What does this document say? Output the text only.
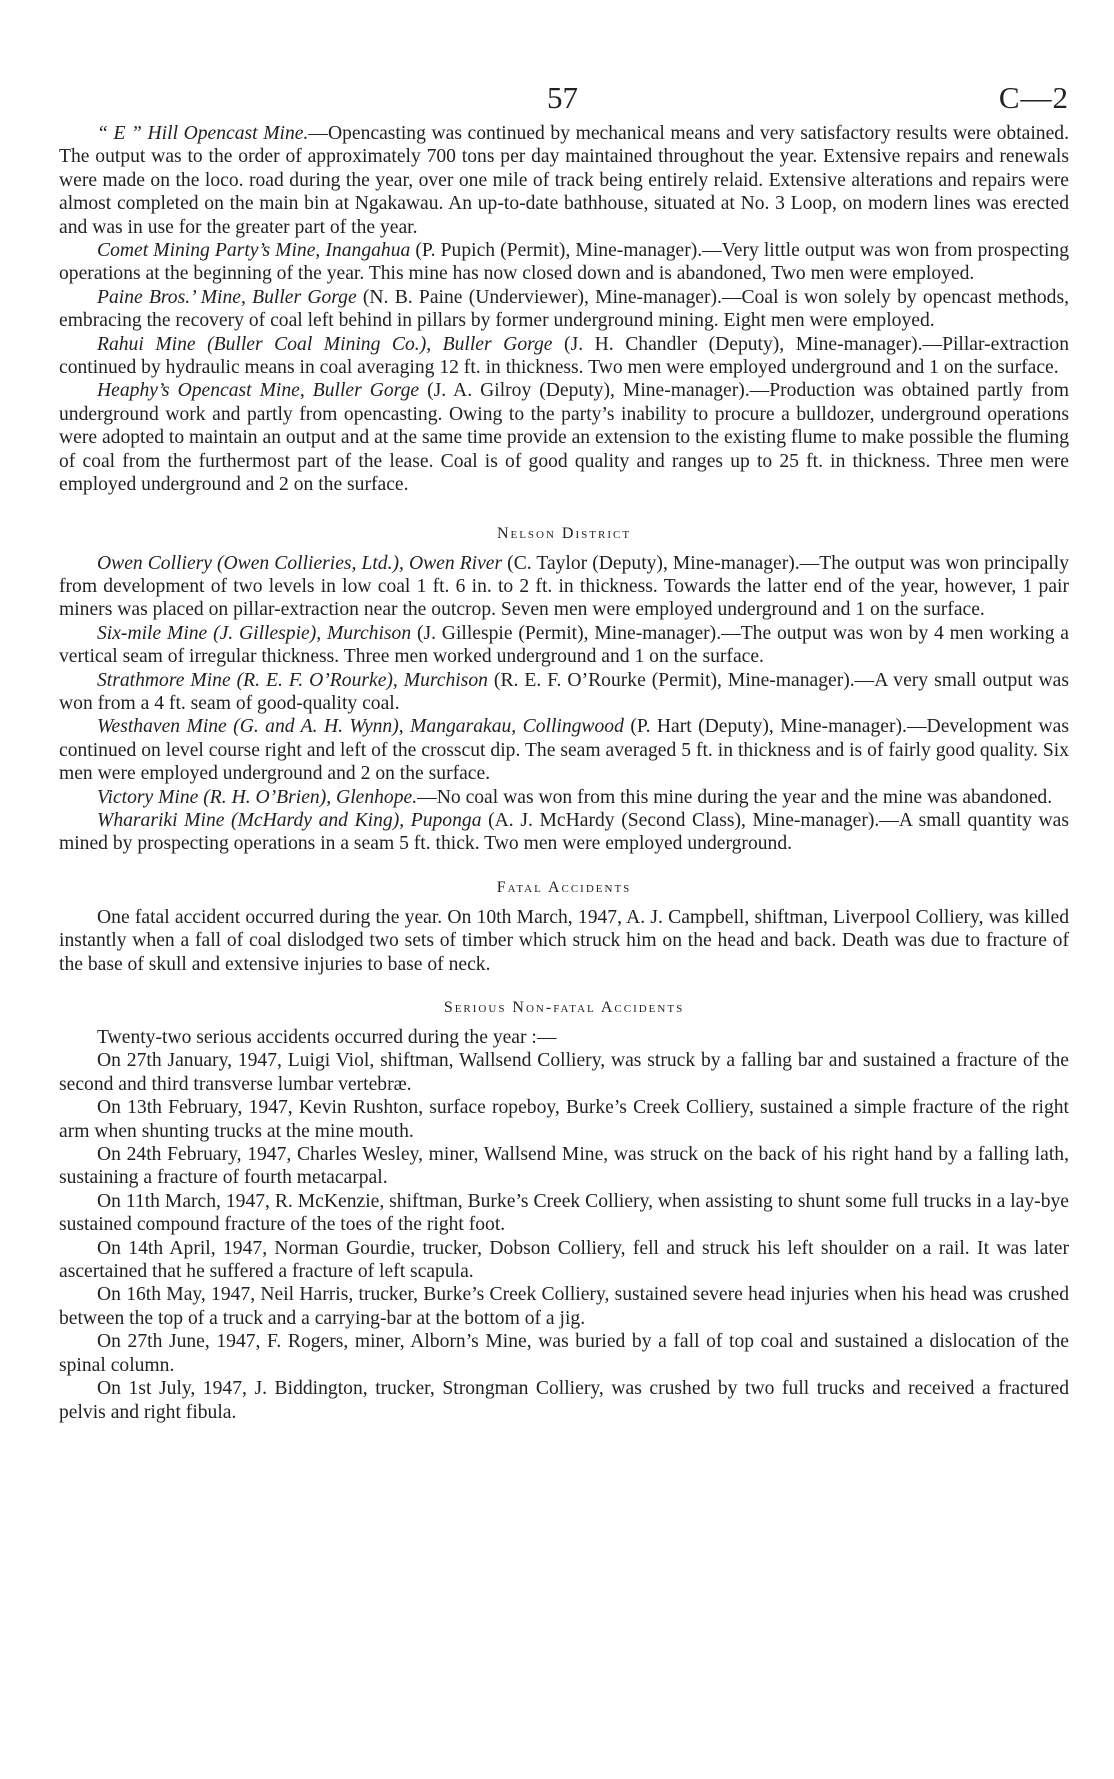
57	C—2

“ E ” Hill Opencast Mine.—Opencasting was continued by mechanical means and very satisfactory results were obtained. The output was to the order of approximately 700 tons per day maintained throughout the year. Extensive repairs and renewals were made on the loco. road during the year, over one mile of track being entirely relaid. Extensive alterations and repairs were almost completed on the main bin at Ngakawau. An up-to-date bathhouse, situated at No. 3 Loop, on modern lines was erected and was in use for the greater part of the year.

Comet Mining Party’s Mine, Inangahua (P. Pupich (Permit), Mine-manager).—Very little output was won from prospecting operations at the beginning of the year. This mine has now closed down and is abandoned, Two men were employed.

Paine Bros.’ Mine, Buller Gorge (N. B. Paine (Underviewer), Mine-manager).—Coal is won solely by opencast methods, embracing the recovery of coal left behind in pillars by former underground mining. Eight men were employed.

Rahui Mine (Buller Coal Mining Co.), Buller Gorge (J. H. Chandler (Deputy), Mine-manager).—Pillar-extraction continued by hydraulic means in coal averaging 12 ft. in thickness. Two men were employed underground and 1 on the surface.

Heaphy’s Opencast Mine, Buller Gorge (J. A. Gilroy (Deputy), Mine-manager).—Production was obtained partly from underground work and partly from opencasting. Owing to the party’s inability to procure a bulldozer, underground operations were adopted to maintain an output and at the same time provide an extension to the existing flume to make possible the fluming of coal from the furthermost part of the lease. Coal is of good quality and ranges up to 25 ft. in thickness. Three men were employed underground and 2 on the surface.

Nelson District

Owen Colliery (Owen Collieries, Ltd.), Owen River (C. Taylor (Deputy), Mine-manager).—The output was won principally from development of two levels in low coal 1 ft. 6 in. to 2 ft. in thickness. Towards the latter end of the year, however, 1 pair miners was placed on pillar-extraction near the outcrop. Seven men were employed underground and 1 on the surface.

Six-mile Mine (J. Gillespie), Murchison (J. Gillespie (Permit), Mine-manager).—The output was won by 4 men working a vertical seam of irregular thickness. Three men worked underground and 1 on the surface.

Strathmore Mine (R. E. F. O’Rourke), Murchison (R. E. F. O’Rourke (Permit), Mine-manager).—A very small output was won from a 4 ft. seam of good-quality coal.

Westhaven Mine (G. and A. H. Wynn), Mangarakau, Collingwood (P. Hart (Deputy), Mine-manager).—Development was continued on level course right and left of the crosscut dip. The seam averaged 5 ft. in thickness and is of fairly good quality. Six men were employed underground and 2 on the surface.

Victory Mine (R. H. O’Brien), Glenhope.—No coal was won from this mine during the year and the mine was abandoned.

Wharariki Mine (McHardy and King), Puponga (A. J. McHardy (Second Class), Mine-manager).—A small quantity was mined by prospecting operations in a seam 5 ft. thick. Two men were employed underground.

Fatal Accidents

One fatal accident occurred during the year. On 10th March, 1947, A. J. Campbell, shiftman, Liverpool Colliery, was killed instantly when a fall of coal dislodged two sets of timber which struck him on the head and back. Death was due to fracture of the base of skull and extensive injuries to base of neck.

Serious Non-fatal Accidents

Twenty-two serious accidents occurred during the year :—

On 27th January, 1947, Luigi Viol, shiftman, Wallsend Colliery, was struck by a falling bar and sustained a fracture of the second and third transverse lumbar vertebræ.

On 13th February, 1947, Kevin Rushton, surface ropeboy, Burke’s Creek Colliery, sustained a simple fracture of the right arm when shunting trucks at the mine mouth.

On 24th February, 1947, Charles Wesley, miner, Wallsend Mine, was struck on the back of his right hand by a falling lath, sustaining a fracture of fourth metacarpal.

On 11th March, 1947, R. McKenzie, shiftman, Burke’s Creek Colliery, when assisting to shunt some full trucks in a lay-bye sustained compound fracture of the toes of the right foot.

On 14th April, 1947, Norman Gourdie, trucker, Dobson Colliery, fell and struck his left shoulder on a rail. It was later ascertained that he suffered a fracture of left scapula.

On 16th May, 1947, Neil Harris, trucker, Burke’s Creek Colliery, sustained severe head injuries when his head was crushed between the top of a truck and a carrying-bar at the bottom of a jig.

On 27th June, 1947, F. Rogers, miner, Alborn’s Mine, was buried by a fall of top coal and sustained a dislocation of the spinal column.

On 1st July, 1947, J. Biddington, trucker, Strongman Colliery, was crushed by two full trucks and received a fractured pelvis and right fibula.
